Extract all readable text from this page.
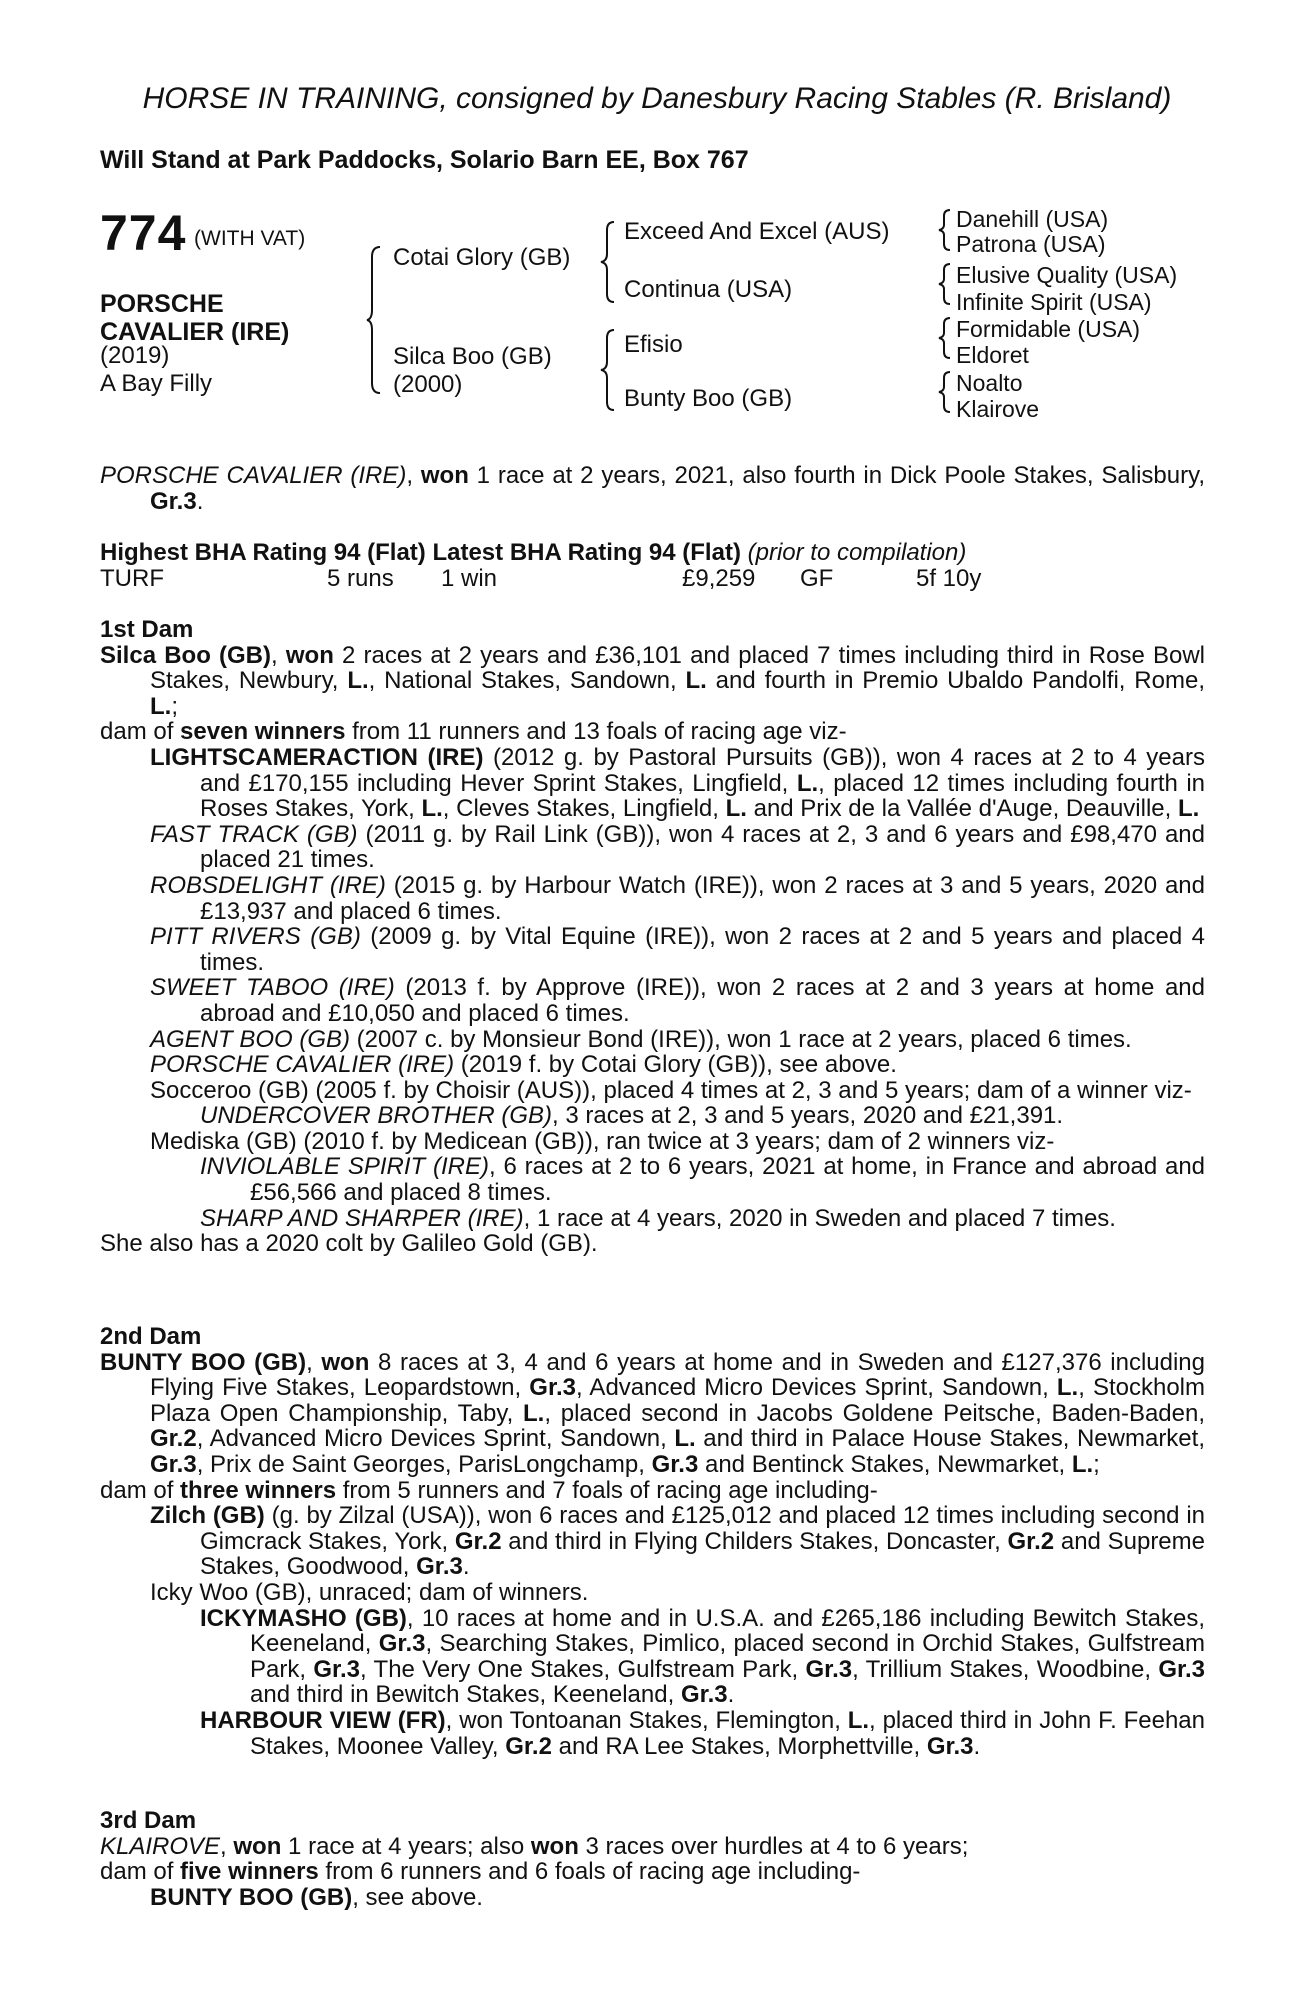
HORSE IN TRAINING, consigned by Danesbury Racing Stables (R. Brisland)
Will Stand at Park Paddocks, Solario Barn EE, Box 767
774 (WITH VAT)
PORSCHE
CAVALIER (IRE)
(2019)
A Bay Filly
Cotai Glory (GB)
Silca Boo (GB)
(2000)
Exceed And Excel (AUS)
Continua (USA)
Efisio
Bunty Boo (GB)
Danehill (USA)
Patrona (USA)
Elusive Quality (USA)
Infinite Spirit (USA)
Formidable (USA)
Eldoret
Noalto
Klairove

PORSCHE CAVALIER (IRE), won 1 race at 2 years, 2021, also fourth in Dick Poole Stakes, Salisbury, Gr.3.

Highest BHA Rating 94 (Flat) Latest BHA Rating 94 (Flat) (prior to compilation)
TURF	5 runs 1 win	£9,259 GF	5f 10y

1st Dam

Silca Boo (GB), won 2 races at 2 years and £36,101 and placed 7 times including third in Rose Bowl Stakes, Newbury, L., National Stakes, Sandown, L. and fourth in Premio Ubaldo Pandolfi, Rome, L.;

dam of seven winners from 11 runners and 13 foals of racing age viz-

LIGHTSCAMERACTION (IRE) (2012 g. by Pastoral Pursuits (GB)), won 4 races at 2 to 4 years and £170,155 including Hever Sprint Stakes, Lingfield, L., placed 12 times including fourth in Roses Stakes, York, L., Cleves Stakes, Lingfield, L. and Prix de la Vallée d'Auge, Deauville, L.

FAST TRACK (GB) (2011 g. by Rail Link (GB)), won 4 races at 2, 3 and 6 years and £98,470 and placed 21 times.

ROBSDELIGHT (IRE) (2015 g. by Harbour Watch (IRE)), won 2 races at 3 and 5 years, 2020 and £13,937 and placed 6 times.

PITT RIVERS (GB) (2009 g. by Vital Equine (IRE)), won 2 races at 2 and 5 years and placed 4 times.

SWEET TABOO (IRE) (2013 f. by Approve (IRE)), won 2 races at 2 and 3 years at home and abroad and £10,050 and placed 6 times.

AGENT BOO (GB) (2007 c. by Monsieur Bond (IRE)), won 1 race at 2 years, placed 6 times.

PORSCHE CAVALIER (IRE) (2019 f. by Cotai Glory (GB)), see above.

Socceroo (GB) (2005 f. by Choisir (AUS)), placed 4 times at 2, 3 and 5 years; dam of a winner viz-

UNDERCOVER BROTHER (GB), 3 races at 2, 3 and 5 years, 2020 and £21,391.

Mediska (GB) (2010 f. by Medicean (GB)), ran twice at 3 years; dam of 2 winners viz-

INVIOLABLE SPIRIT (IRE), 6 races at 2 to 6 years, 2021 at home, in France and abroad and £56,566 and placed 8 times.

SHARP AND SHARPER (IRE), 1 race at 4 years, 2020 in Sweden and placed 7 times.

She also has a 2020 colt by Galileo Gold (GB).

2nd Dam

BUNTY BOO (GB), won 8 races at 3, 4 and 6 years at home and in Sweden and £127,376 including Flying Five Stakes, Leopardstown, Gr.3, Advanced Micro Devices Sprint, Sandown, L., Stockholm Plaza Open Championship, Taby, L., placed second in Jacobs Goldene Peitsche, Baden-Baden, Gr.2, Advanced Micro Devices Sprint, Sandown, L. and third in Palace House Stakes, Newmarket, Gr.3, Prix de Saint Georges, ParisLongchamp, Gr.3 and Bentinck Stakes, Newmarket, L.;

dam of three winners from 5 runners and 7 foals of racing age including-

Zilch (GB) (g. by Zilzal (USA)), won 6 races and £125,012 and placed 12 times including second in Gimcrack Stakes, York, Gr.2 and third in Flying Childers Stakes, Doncaster, Gr.2 and Supreme Stakes, Goodwood, Gr.3.

Icky Woo (GB), unraced; dam of winners.

ICKYMASHO (GB), 10 races at home and in U.S.A. and £265,186 including Bewitch Stakes, Keeneland, Gr.3, Searching Stakes, Pimlico, placed second in Orchid Stakes, Gulfstream Park, Gr.3, The Very One Stakes, Gulfstream Park, Gr.3, Trillium Stakes, Woodbine, Gr.3 and third in Bewitch Stakes, Keeneland, Gr.3.

HARBOUR VIEW (FR), won Tontoanan Stakes, Flemington, L., placed third in John F. Feehan Stakes, Moonee Valley, Gr.2 and RA Lee Stakes, Morphettville, Gr.3.

3rd Dam

KLAIROVE, won 1 race at 4 years; also won 3 races over hurdles at 4 to 6 years;

dam of five winners from 6 runners and 6 foals of racing age including-

BUNTY BOO (GB), see above.
